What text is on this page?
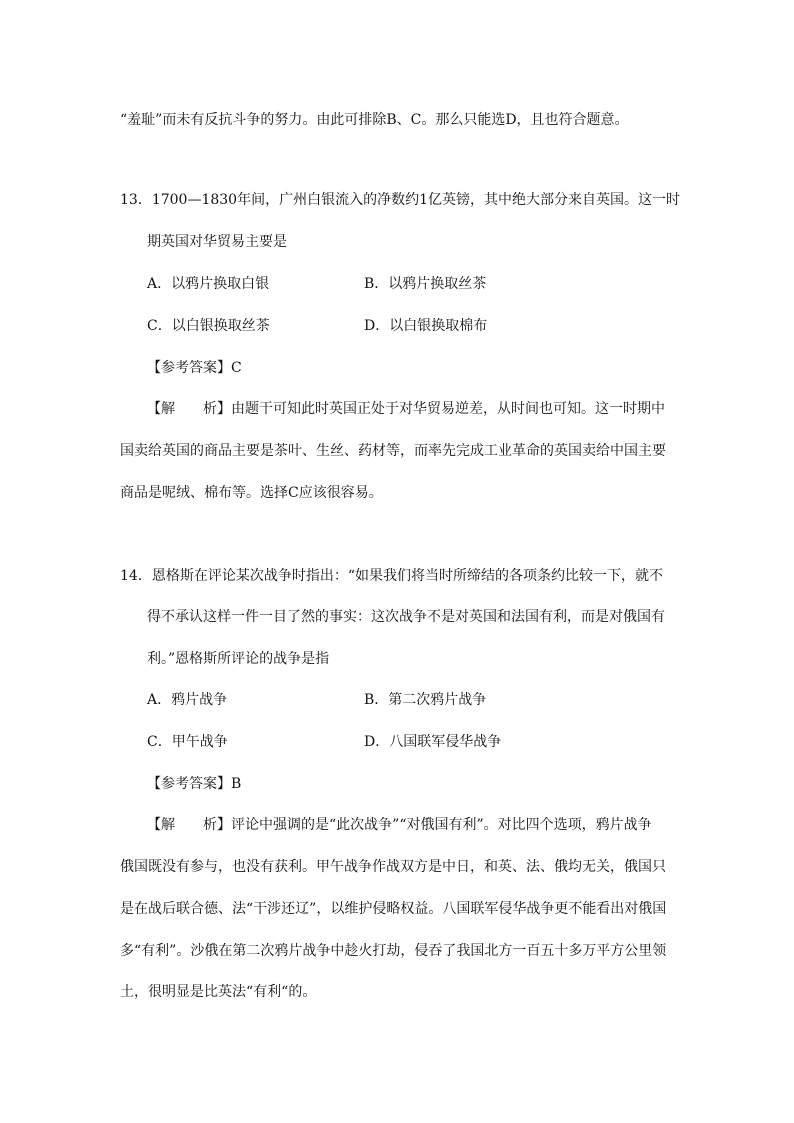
“羞耻”而未有反抗斗争的努力。由此可排除B、C。那么只能选D，且也符合题意。
13．1700—1830年间，广州白银流入的净数约1亿英镑，其中绝大部分来自英国。这一时
期英国对华贸易主要是
A．以鸦片换取白银	B．以鸦片换取丝茶
C．以白银换取丝茶	D．以白银换取棉布
【参考答案】C
【解 析】由题干可知此时英国正处于对华贸易逆差，从时间也可知。这一时期中
国卖给英国的商品主要是茶叶、生丝、药材等，而率先完成工业革命的英国卖给中国主要
商品是呢绒、棉布等。选择C应该很容易。
14．恩格斯在评论某次战争时指出：“如果我们将当时所缔结的各项条约比较一下，就不
得不承认这样一件一目了然的事实：这次战争不是对英国和法国有利，而是对俄国有
利。”恩格斯所评论的战争是指
A．鸦片战争	B．第二次鸦片战争
C．甲午战争	D．八国联军侵华战争
【参考答案】B
【解 析】评论中强调的是“此次战争”“对俄国有利”。对比四个选项，鸦片战争
俄国既没有参与，也没有获利。甲午战争作战双方是中日，和英、法、俄均无关，俄国只
是在战后联合德、法“干涉还辽”，以维护侵略权益。八国联军侵华战争更不能看出对俄国
多“有利”。沙俄在第二次鸦片战争中趁火打劫，侵吞了我国北方一百五十多万平方公里领
土，很明显是比英法“有利“的。
